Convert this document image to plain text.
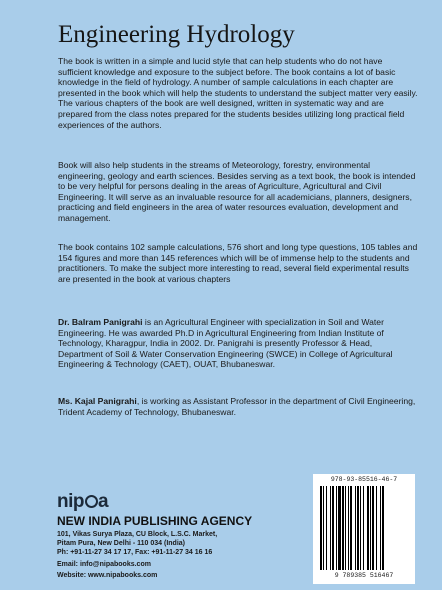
Engineering Hydrology

The book is written in a simple and lucid style that can help students who do not have sufficient knowledge and exposure to the subject before. The book contains a lot of basic knowledge in the field of hydrology. A number of sample calculations in each chapter are presented in the book which will help the students to understand the subject matter very easily. The various chapters of the book are well designed, written in systematic way and are prepared from the class notes prepared for the students besides utilizing long practical field experiences of the authors.

Book will also help students in the streams of Meteorology, forestry, environmental engineering, geology and earth sciences. Besides serving as a text book, the book is intended to be very helpful for persons dealing in the areas of Agriculture, Agricultural and Civil Engineering. It will serve as an invaluable resource for all academicians, planners, designers, practicing and field engineers in the area of water resources evaluation, development and management.

The book contains 102 sample calculations, 576 short and long type questions, 105 tables and 154 figures and more than 145 references which will be of immense help to the students and practitioners. To make the subject more interesting to read, several field experimental results are presented in the book at various chapters

Dr. Balram Panigrahi is an Agricultural Engineer with specialization in Soil and Water Engineering. He was awarded Ph.D in Agricultural Engineering from Indian Institute of Technology, Kharagpur, India in 2002. Dr. Panigrahi is presently Professor & Head, Department of Soil & Water Conservation Engineering (SWCE) in College of Agricultural Engineering & Technology (CAET), OUAT, Bhubaneswar.

Ms. Kajal Panigrahi, is working as Assistant Professor in the department of Civil Engineering, Trident Academy of Technology, Bhubaneswar.

nip a
NEW INDIA PUBLISHING AGENCY
101, Vikas Surya Plaza, CU Block, L.S.C. Market,
Pitam Pura, New Delhi - 110 034 (India)
Ph: +91-11-27 34 17 17, Fax: +91-11-27 34 16 16
Email: info@nipabooks.com
Website: www.nipabooks.com
978-93-85516-46-7
9 789385 516467
